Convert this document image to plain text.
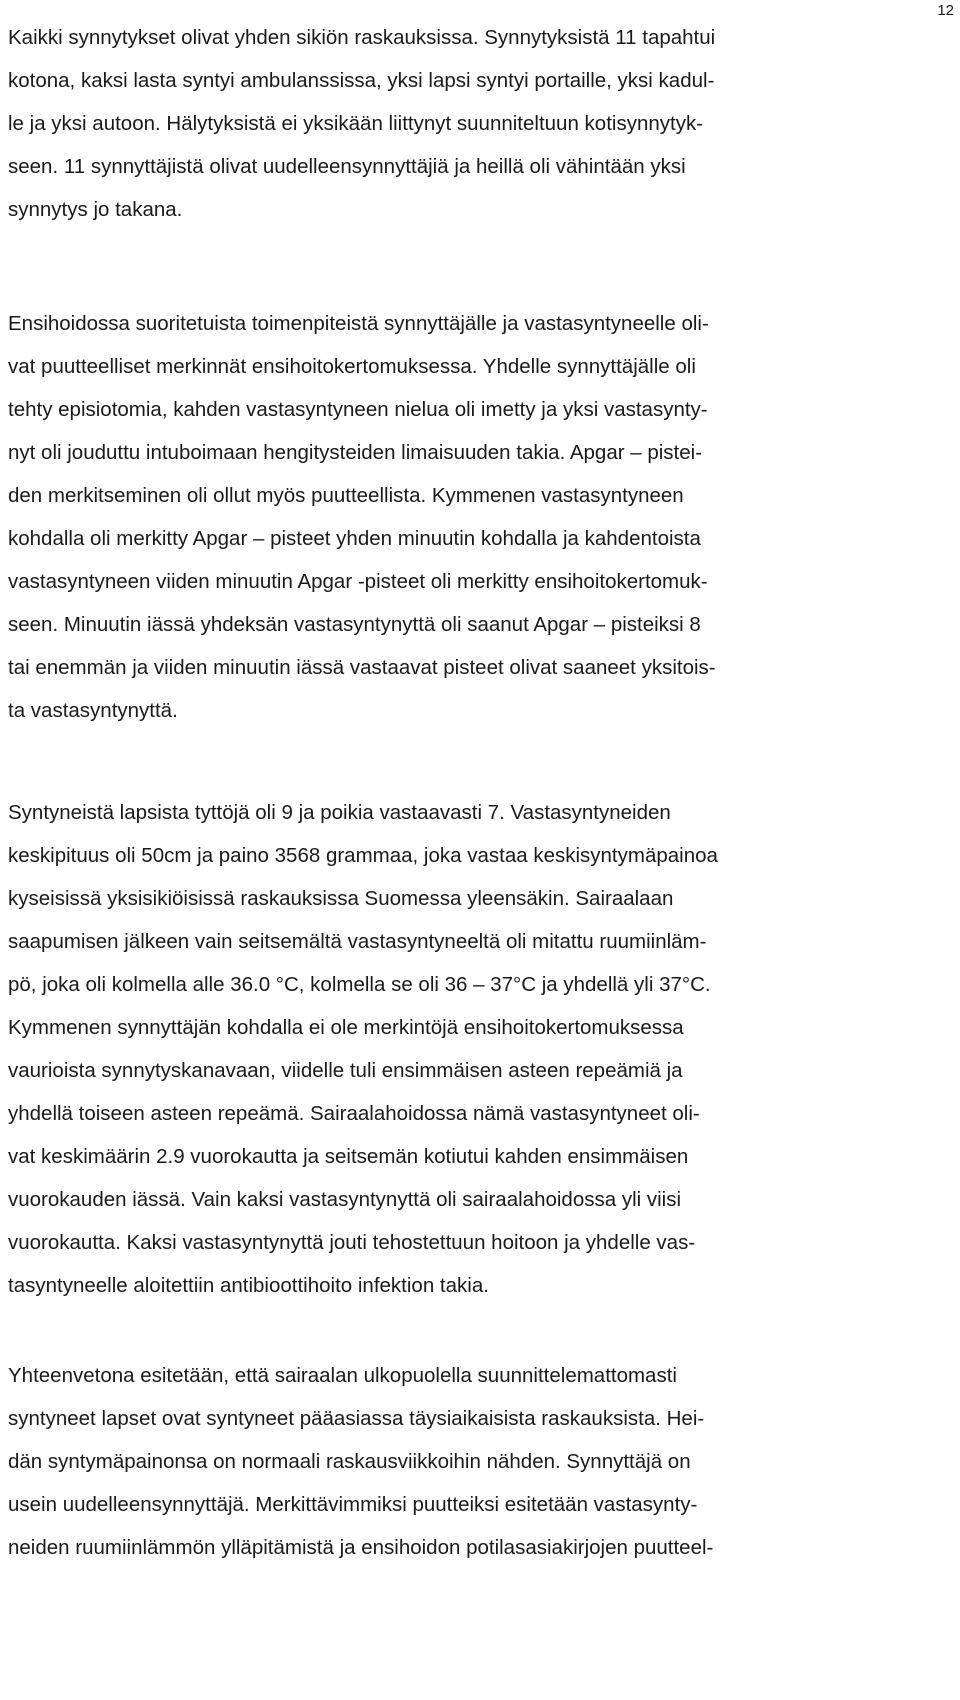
12

Kaikki synnytykset olivat yhden sikiön raskauksissa. Synnytyksistä 11 tapahtui

kotona, kaksi lasta syntyi ambulanssissa, yksi lapsi syntyi portaille, yksi kadul-

le ja yksi autoon. Hälytyksistä ei yksikään liittynyt suunniteltuun kotisynnytyk-

seen. 11 synnyttäjistä olivat uudelleensynnyttäjiä ja heillä oli vähintään yksi

synnytys jo takana.

Ensihoidossa suoritetuista toimenpiteistä synnyttäjälle ja vastasyntyneelle oli-

vat puutteelliset merkinnät ensihoitokertomuksessa. Yhdelle synnyttäjälle oli

tehty episiotomia, kahden vastasyntyneen nielua oli imetty ja yksi vastasynty-

nyt oli jouduttu intuboimaan hengitysteiden limaisuuden takia. Apgar – pistei-

den merkitseminen oli ollut myös puutteellista. Kymmenen vastasyntyneen

kohdalla oli merkitty Apgar – pisteet yhden minuutin kohdalla ja kahdentoista

vastasyntyneen viiden minuutin Apgar -pisteet oli merkitty ensihoitokertomuk-

seen. Minuutin iässä yhdeksän vastasyntynyttä oli saanut Apgar – pisteiksi 8

tai enemmän ja viiden minuutin iässä vastaavat pisteet olivat saaneet yksitois-

ta vastasyntynyttä.

Syntyneistä lapsista tyttöjä oli 9 ja poikia vastaavasti 7. Vastasyntyneiden

keskipituus oli 50cm ja paino 3568 grammaa, joka vastaa keskisyntymäpainoa

kyseisissä yksisikiöisissä raskauksissa Suomessa yleensäkin. Sairaalaan

saapumisen jälkeen vain seitsemältä vastasyntyneeltä oli mitattu ruumiinläm-

pö, joka oli kolmella alle 36.0 °C, kolmella se oli 36 – 37°C ja yhdellä yli 37°C.

Kymmenen synnyttäjän kohdalla ei ole merkintöjä ensihoitokertomuksessa

vaurioista synnytyskanavaan, viidelle tuli ensimmäisen asteen repeämiä ja

yhdellä toiseen asteen repeämä. Sairaalahoidossa nämä vastasyntyneet oli-

vat keskimäärin 2.9 vuorokautta ja seitsemän kotiutui kahden ensimmäisen

vuorokauden iässä. Vain kaksi vastasyntynyttä oli sairaalahoidossa yli viisi

vuorokautta. Kaksi vastasyntynyttä jouti tehostettuun hoitoon ja yhdelle vas-

tasyntyneelle aloitettiin antibioottihoito infektion takia.

Yhteenvetona esitetään, että sairaalan ulkopuolella suunnittelemattomasti

syntyneet lapset ovat syntyneet pääasiassa täysiaikaisista raskauksista. Hei-

dän syntymäpainonsa on normaali raskausviikkoihin nähden. Synnyttäjä on

usein uudelleensynnyttäjä. Merkittävimmiksi puutteiksi esitetään vastasynty-

neiden ruumiinlämmön ylläpitämistä ja ensihoidon potilasasiakirjojen puutteel-
